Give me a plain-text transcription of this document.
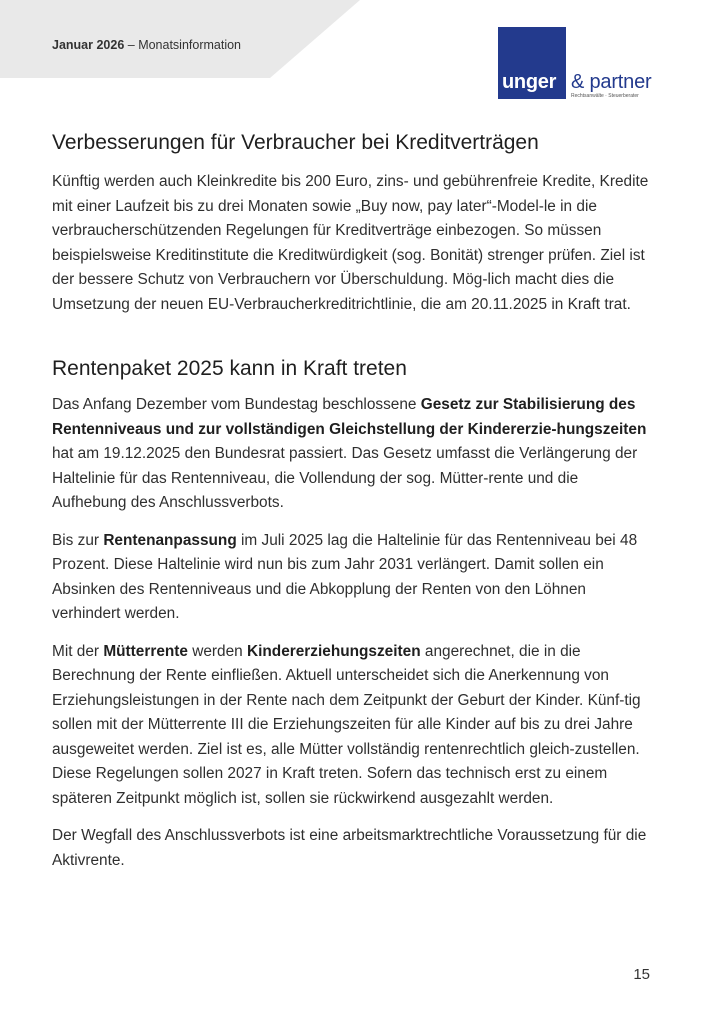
Januar 2026 – Monatsinformation
unger & partner
Rechtsanwälte · Steuerberater
Verbesserungen für Verbraucher bei Kreditverträgen

Künftig werden auch Kleinkredite bis 200 Euro, zins- und gebührenfreie Kredite, Kredite mit einer Laufzeit bis zu drei Monaten sowie „Buy now, pay later“-Model-le in die verbraucherschützenden Regelungen für Kreditverträge einbezogen. So müssen beispielsweise Kreditinstitute die Kreditwürdigkeit (sog. Bonität) strenger prüfen. Ziel ist der bessere Schutz von Verbrauchern vor Überschuldung. Mög-lich macht dies die Umsetzung der neuen EU-Verbraucherkreditrichtlinie, die am 20.11.2025 in Kraft trat.

Rentenpaket 2025 kann in Kraft treten

Das Anfang Dezember vom Bundestag beschlossene Gesetz zur Stabilisierung des Rentenniveaus und zur vollständigen Gleichstellung der Kindererzie-hungszeiten hat am 19.12.2025 den Bundesrat passiert. Das Gesetz umfasst die Verlängerung der Haltelinie für das Rentenniveau, die Vollendung der sog. Mütter-rente und die Aufhebung des Anschlussverbots.

Bis zur Rentenanpassung im Juli 2025 lag die Haltelinie für das Rentenniveau bei 48 Prozent. Diese Haltelinie wird nun bis zum Jahr 2031 verlängert. Damit sollen ein Absinken des Rentenniveaus und die Abkopplung der Renten von den Löhnen verhindert werden.

Mit der Mütterrente werden Kindererziehungszeiten angerechnet, die in die Berechnung der Rente einfließen. Aktuell unterscheidet sich die Anerkennung von Erziehungsleistungen in der Rente nach dem Zeitpunkt der Geburt der Kinder. Künf-tig sollen mit der Mütterrente III die Erziehungszeiten für alle Kinder auf bis zu drei Jahre ausgeweitet werden. Ziel ist es, alle Mütter vollständig rentenrechtlich gleich-zustellen. Diese Regelungen sollen 2027 in Kraft treten. Sofern das technisch erst zu einem späteren Zeitpunkt möglich ist, sollen sie rückwirkend ausgezahlt werden.

Der Wegfall des Anschlussverbots ist eine arbeitsmarktrechtliche Voraussetzung für die Aktivrente.

15
